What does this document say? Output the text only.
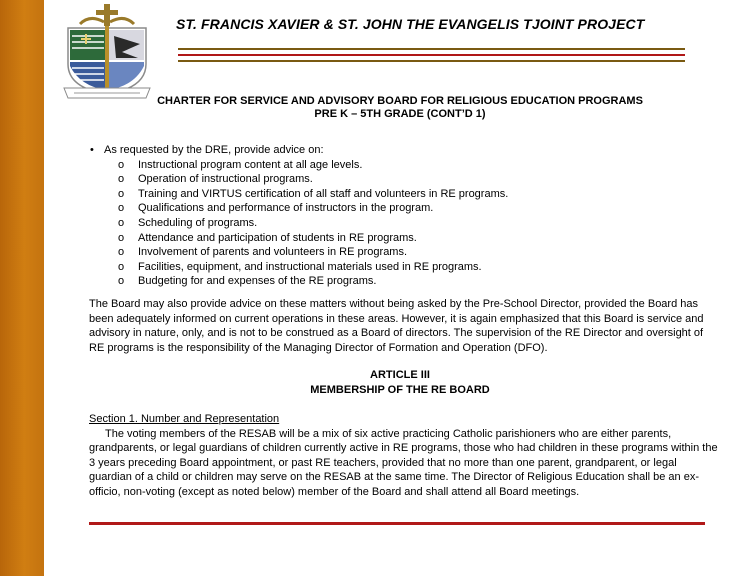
ST. FRANCIS XAVIER & ST. JOHN THE EVANGELIS TJOINT PROJECT
CHARTER FOR SERVICE AND ADVISORY BOARD FOR RELIGIOUS EDUCATION PROGRAMS
PRE K – 5TH GRADE (CONT’D 1)
• As requested by the DRE, provide advice on:
o Instructional program content at all age levels.
o Operation of instructional programs.
o Training and VIRTUS certification of all staff and volunteers in RE programs.
o Qualifications and performance of instructors in the program.
o Scheduling of programs.
o Attendance and participation of students in RE programs.
o Involvement of parents and volunteers in RE programs.
o Facilities, equipment, and instructional materials used in RE programs.
o Budgeting for and expenses of the RE programs.
The Board may also provide advice on these matters without being asked by the Pre-School Director, provided the Board has been adequately informed on current operations in these areas. However, it is again emphasized that this Board is service and advisory in nature, only, and is not to be construed as a Board of directors. The supervision of the RE Director and oversight of RE programs is the responsibility of the Managing Director of Formation and Operation (DFO).
ARTICLE III
MEMBERSHIP OF THE RE BOARD
Section 1. Number and Representation
The voting members of the RESAB will be a mix of six active practicing Catholic parishioners who are either parents, grandparents, or legal guardians of children currently active in RE programs, those who had children in these programs within the 3 years preceding Board appointment, or past RE teachers, provided that no more than one parent, grandparent, or legal guardian of a child or children may serve on the RESAB at the same time. The Director of Religious Education shall be an ex-officio, non-voting (except as noted below) member of the Board and shall attend all Board meetings.
